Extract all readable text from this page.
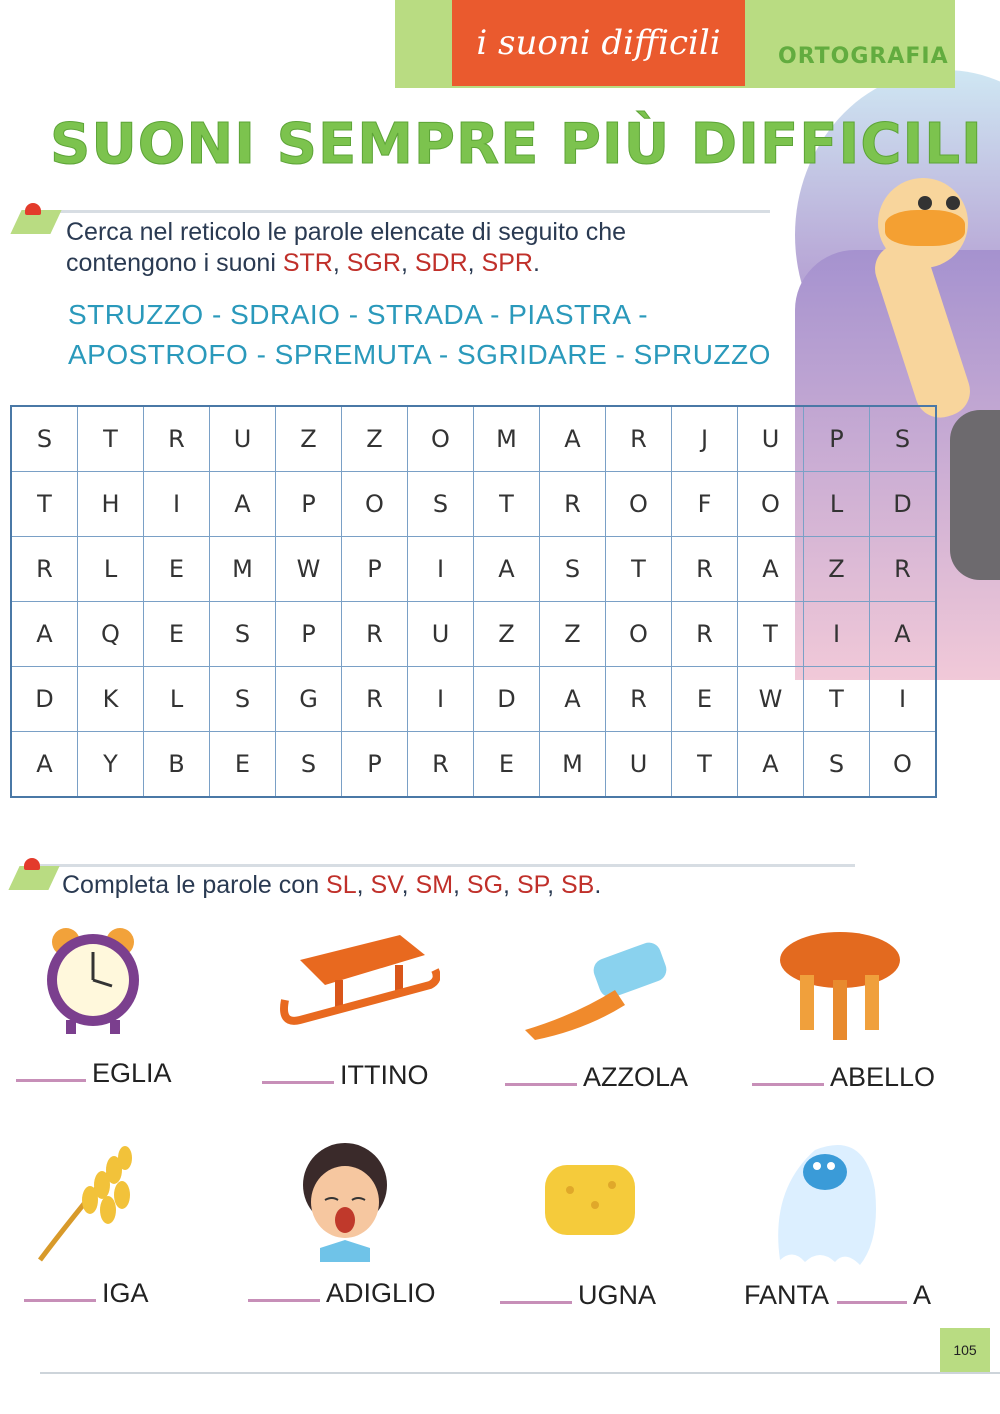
i suoni difficili	ORTOGRAFIA
SUONI SEMPRE PIÙ DIFFICILI
Cerca nel reticolo le parole elencate di seguito che
contengono i suoni STR, SGR, SDR, SPR.
STRUZZO - SDRAIO - STRADA - PIASTRA -
APOSTROFO - SPREMUTA - SGRIDARE - SPRUZZO
S	T	R	U	Z	Z	O	M	A	R	J	U	P	S
T	H	I	A	P	O	S	T	R	O	F	O	L	D
R	L	E	M	W	P	I	A	S	T	R	A	Z	R
A	Q	E	S	P	R	U	Z	Z	O	R	T	I	A
D	K	L	S	G	R	I	D	A	R	E	W	T	I
A	Y	B	E	S	P	R	E	M	U	T	A	S	O
Completa le parole con SL, SV, SM, SG, SP, SB.
EGLIA	ITTINO	AZZOLA	ABELLO
IGA	ADIGLIO	UGNA	FANTA	A
105
